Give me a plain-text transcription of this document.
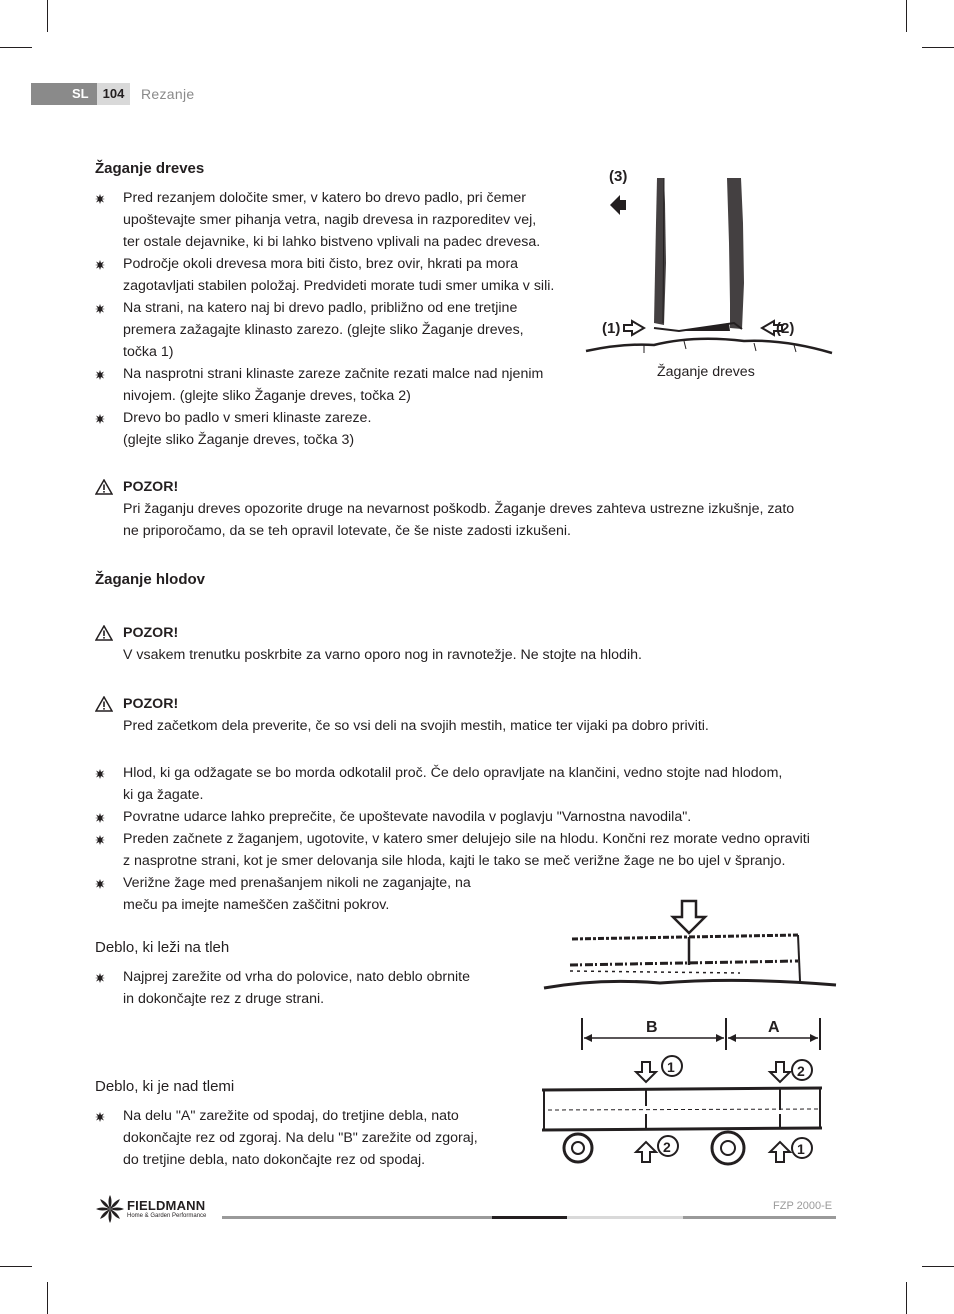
SL	104	Rezanje
Žaganje dreves
Pred rezanjem določite smer, v katero bo drevo padlo, pri čemer
upoštevajte smer pihanja vetra, nagib drevesa in razporeditev vej,
ter ostale dejavnike, ki bi lahko bistveno vplivali na padec drevesa.
Področje okoli drevesa mora biti čisto, brez ovir, hkrati pa mora
zagotavljati stabilen položaj. Predvideti morate tudi smer umika v sili.
Na strani, na katero naj bi drevo padlo, približno od ene tretjine
premera zažagajte klinasto zarezo. (glejte sliko Žaganje dreves,
točka 1)
Na nasprotni strani klinaste zareze začnite rezati malce nad njenim
nivojem. (glejte sliko Žaganje dreves, točka 2)
Drevo bo padlo v smeri klinaste zareze.
(glejte sliko Žaganje dreves, točka 3)
(3)
(1)	(2)
Žaganje dreves
POZOR!
Pri žaganju dreves opozorite druge na nevarnost poškodb. Žaganje dreves zahteva ustrezne izkušnje, zato
ne priporočamo, da se teh opravil lotevate, če še niste zadosti izkušeni.
Žaganje hlodov
POZOR!
V vsakem trenutku poskrbite za varno oporo nog in ravnotežje. Ne stojte na hlodih.
POZOR!
Pred začetkom dela preverite, če so vsi deli na svojih mestih, matice ter vijaki pa dobro priviti.
Hlod, ki ga odžagate se bo morda odkotalil proč. Če delo opravljate na klančini, vedno stojte nad hlodom,
ki ga žagate.
Povratne udarce lahko preprečite, če upoštevate navodila v poglavju "Varnostna navodila".
Preden začnete z žaganjem, ugotovite, v katero smer delujejo sile na hlodu. Končni rez morate vedno opraviti
z nasprotne strani, kot je smer delovanja sile hloda, kajti le tako se meč verižne žage ne bo ujel v špranjo.
Verižne žage med prenašanjem nikoli ne zaganjajte, na
meču pa imejte nameščen zaščitni pokrov.
Deblo, ki leži na tleh
Najprej zarežite od vrha do polovice, nato deblo obrnite
in dokončajte rez z druge strani.
B	A
1	2
2	1
Deblo, ki je nad tlemi
Na delu "A" zarežite od spodaj, do tretjine debla, nato
dokončajte rez od zgoraj. Na delu "B" zarežite od zgoraj,
do tretjine debla, nato dokončajte rez od spodaj.
FIELDMANN
Home & Garden Performance
FZP 2000-E
